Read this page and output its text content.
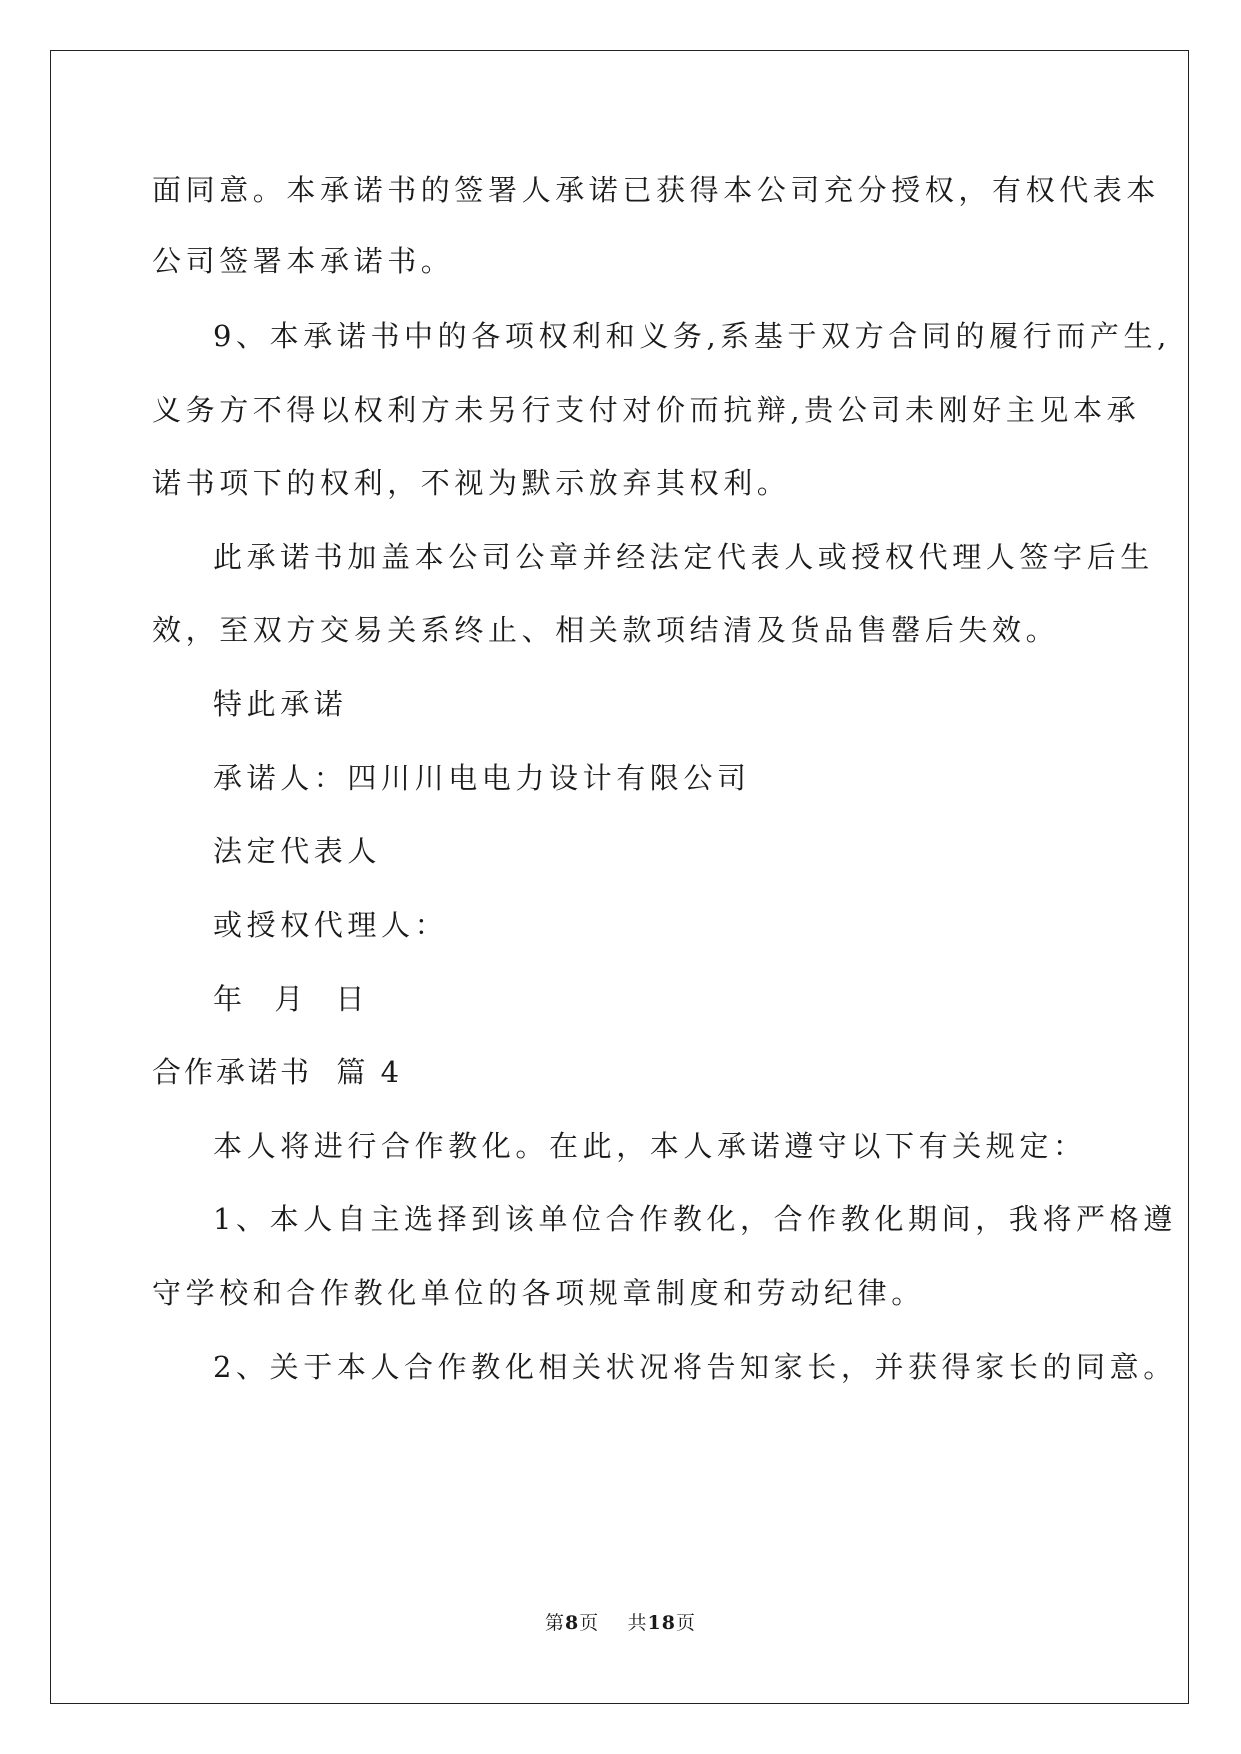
面同意。本承诺书的签署人承诺已获得本公司充分授权，有权代表本
公司签署本承诺书。
9、本承诺书中的各项权利和义务,系基于双方合同的履行而产生,
义务方不得以权利方未另行支付对价而抗辩,贵公司未刚好主见本承
诺书项下的权利，不视为默示放弃其权利。
此承诺书加盖本公司公章并经法定代表人或授权代理人签字后生
效，至双方交易关系终止、相关款项结清及货品售罄后失效。
特此承诺
承诺人：四川川电电力设计有限公司
法定代表人
或授权代理人：
年  月  日
合作承诺书  篇 4
本人将进行合作教化。在此，本人承诺遵守以下有关规定：
1、本人自主选择到该单位合作教化，合作教化期间，我将严格遵
守学校和合作教化单位的各项规章制度和劳动纪律。
2、关于本人合作教化相关状况将告知家长，并获得家长的同意。
第8页 共18页
